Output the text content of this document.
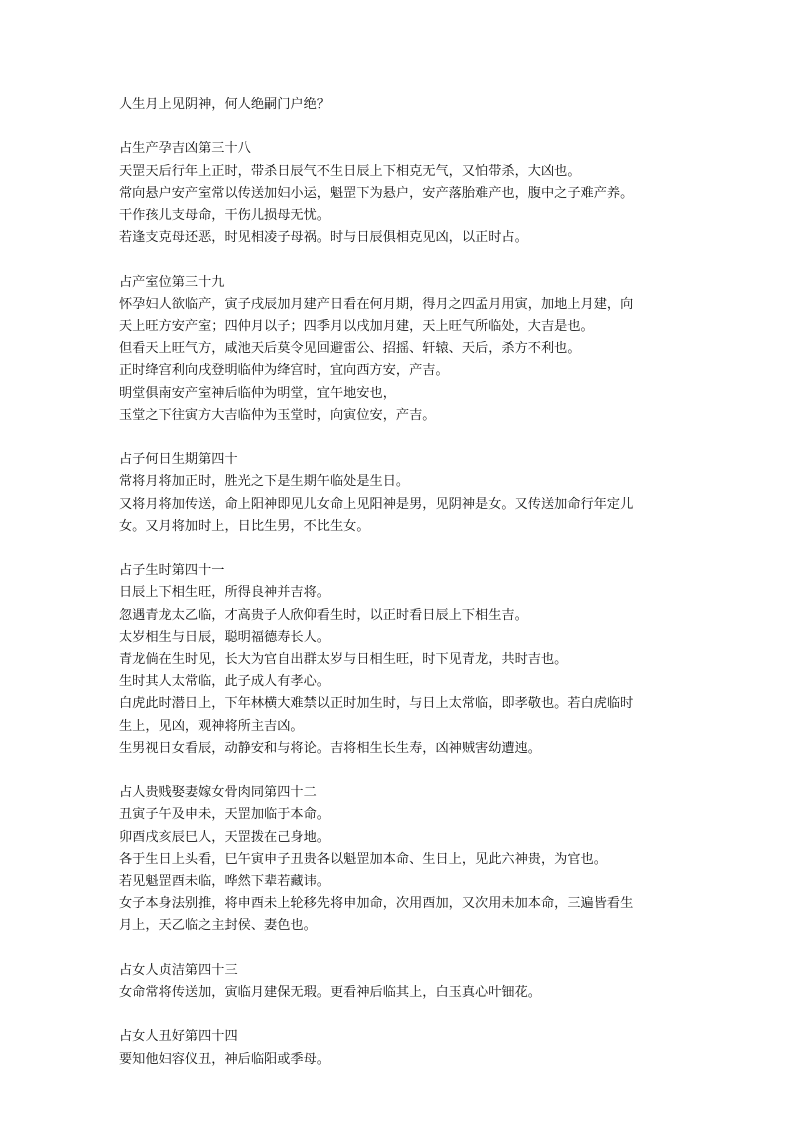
人生月上见阴神，何人绝嗣门户绝？
占生产孕吉凶第三十八
天罡天后行年上正时，带杀日辰气不生日辰上下相克无气，又怕带杀，大凶也。
常向悬户安产室常以传送加妇小运，魁罡下为悬户，安产落胎难产也，腹中之子难产养。
干作孩儿支母命，干伤儿损母无忧。
若逢支克母还恶，时见相凌子母祸。时与日辰俱相克见凶，以正时占。
占产室位第三十九
怀孕妇人欲临产，寅子戌辰加月建产日看在何月期，得月之四孟月用寅，加地上月建，向
天上旺方安产室；四仲月以子；四季月以戌加月建，天上旺气所临处，大吉是也。
但看天上旺气方，咸池天后莫令见回避雷公、招摇、轩辕、天后，杀方不利也。
正时绛宫利向戌登明临仲为绛宫时，宜向西方安，产吉。
明堂俱南安产室神后临仲为明堂，宜午地安也，
玉堂之下往寅方大吉临仲为玉堂时，向寅位安，产吉。
占子何日生期第四十
常将月将加正时，胜光之下是生期午临处是生日。
又将月将加传送，命上阳神即见儿女命上见阳神是男，见阴神是女。又传送加命行年定儿
女。又月将加时上，日比生男，不比生女。
占子生时第四十一
日辰上下相生旺，所得良神并吉将。
忽遇青龙太乙临，才高贵子人欣仰看生时，以正时看日辰上下相生吉。
太岁相生与日辰，聪明福德寿长人。
青龙倘在生时见，长大为官自出群太岁与日相生旺，时下见青龙，共时吉也。
生时其人太常临，此子成人有孝心。
白虎此时潜日上，下年林横大难禁以正时加生时，与日上太常临，即孝敬也。若白虎临时
生上，见凶，观神将所主吉凶。
生男视日女看辰，动静安和与将论。吉将相生长生寿，凶神贼害幼遭迍。
占人贵贱娶妻嫁女骨肉同第四十二
丑寅子午及申未，天罡加临于本命。
卯酉戌亥辰巳人，天罡拨在己身地。
各于生日上头看，巳午寅申子丑贵各以魁罡加本命、生日上，见此六神贵，为官也。
若见魁罡酉未临，哗然下辈若藏讳。
女子本身法别推，将申酉未上轮移先将申加命，次用酉加，又次用未加本命，三遍皆看生
月上，天乙临之主封侯、妻色也。
占女人贞洁第四十三
女命常将传送加，寅临月建保无瑕。更看神后临其上，白玉真心叶钿花。
占女人丑好第四十四
要知他妇容仪丑，神后临阳或季母。
